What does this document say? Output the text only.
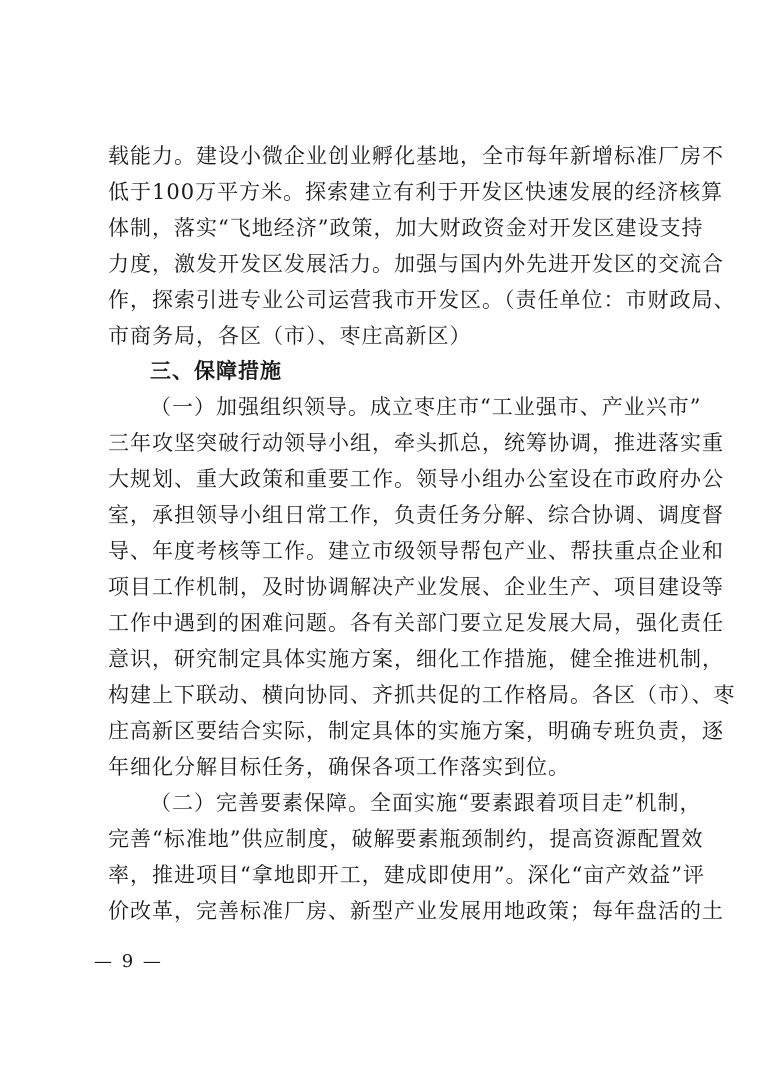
载能力。建设小微企业创业孵化基地，全市每年新增标准厂房不
低于100万平方米。探索建立有利于开发区快速发展的经济核算
体制，落实“飞地经济”政策，加大财政资金对开发区建设支持
力度，激发开发区发展活力。加强与国内外先进开发区的交流合
作，探索引进专业公司运营我市开发区。（责任单位：市财政局、
市商务局，各区（市）、枣庄高新区）
三、保障措施
（一）加强组织领导。成立枣庄市“工业强市、产业兴市”
三年攻坚突破行动领导小组，牵头抓总，统筹协调，推进落实重
大规划、重大政策和重要工作。领导小组办公室设在市政府办公
室，承担领导小组日常工作，负责任务分解、综合协调、调度督
导、年度考核等工作。建立市级领导帮包产业、帮扶重点企业和
项目工作机制，及时协调解决产业发展、企业生产、项目建设等
工作中遇到的困难问题。各有关部门要立足发展大局，强化责任
意识，研究制定具体实施方案，细化工作措施，健全推进机制，
构建上下联动、横向协同、齐抓共促的工作格局。各区（市）、枣
庄高新区要结合实际，制定具体的实施方案，明确专班负责，逐
年细化分解目标任务，确保各项工作落实到位。
（二）完善要素保障。全面实施“要素跟着项目走”机制，
完善“标准地”供应制度，破解要素瓶颈制约，提高资源配置效
率，推进项目“拿地即开工，建成即使用”。深化“亩产效益”评
价改革，完善标准厂房、新型产业发展用地政策；每年盘活的土
— 9 —
